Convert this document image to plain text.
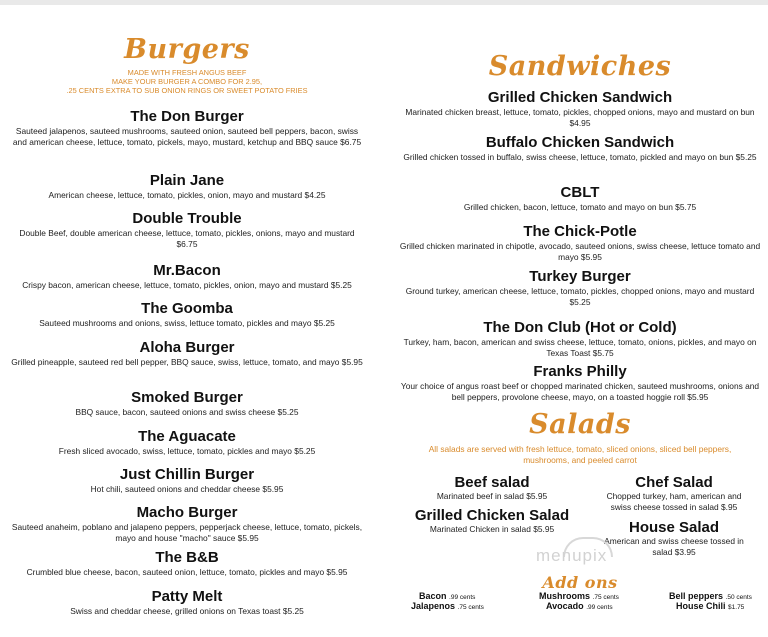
Burgers
MADE WITH FRESH ANGUS BEEF
MAKE YOUR BURGER A COMBO FOR 2.95,
.25 CENTS EXTRA TO SUB ONION RINGS OR SWEET POTATO FRIES
The Don Burger
Sauteed jalapenos, sauteed mushrooms, sauteed onion, sauteed bell peppers, bacon, swiss and american cheese, lettuce, tomato, pickels, mayo, mustard, ketchup and BBQ sauce $6.75
Plain Jane
American cheese, lettuce, tomato, pickles, onion, mayo and mustard $4.25
Double Trouble
Double Beef, double american cheese, lettuce, tomato, pickles, onions, mayo and mustard $6.75
Mr.Bacon
Crispy bacon, american cheese, lettuce, tomato, pickles, onion, mayo and mustard $5.25
The Goomba
Sauteed mushrooms and onions, swiss, lettuce tomato, pickles and mayo $5.25
Aloha Burger
Grilled pineapple, sauteed red bell pepper, BBQ sauce, swiss, lettuce, tomato, and mayo $5.95
Smoked Burger
BBQ sauce, bacon, sauteed onions and swiss cheese $5.25
The Aguacate
Fresh sliced avocado, swiss, lettuce, tomato, pickles and mayo $5.25
Just Chillin Burger
Hot chili, sauteed onions and cheddar cheese $5.95
Macho Burger
Sauteed anaheim, poblano and jalapeno peppers, pepperjack cheese, lettuce, tomato, pickels, mayo and house "macho" sauce $5.95
The B&B
Crumbled blue cheese, bacon, sauteed onion, lettuce, tomato, pickles and mayo $5.95
Patty Melt
Swiss and cheddar cheese, grilled onions on Texas toast $5.25
Sandwiches
Grilled Chicken Sandwich
Marinated chicken breast, lettuce, tomato, pickles, chopped onions, mayo and mustard on bun $4.95
Buffalo Chicken Sandwich
Grilled chicken tossed in buffalo, swiss cheese, lettuce, tomato, pickled and mayo on bun $5.25
CBLT
Grilled chicken, bacon, lettuce, tomato and mayo on bun $5.75
The Chick-Potle
Grilled chicken marinated in chipotle, avocado, sauteed onions, swiss cheese, lettuce tomato and mayo $5.95
Turkey Burger
Ground turkey, american cheese, lettuce, tomato, pickles, chopped onions, mayo and mustard $5.25
The Don Club (Hot or Cold)
Turkey, ham, bacon, american and swiss cheese, lettuce, tomato, onions, pickles, and mayo on Texas Toast $5.75
Franks Philly
Your choice of angus roast beef or chopped marinated chicken, sauteed mushrooms, onions and bell peppers, provolone cheese, mayo, on a toasted hoggie roll $5.95
Salads
All salads are served with fresh lettuce, tomato, sliced onions, sliced bell peppers, mushrooms, and peeled carrot
Beef salad
Marinated beef in salad $5.95
Chef Salad
Chopped turkey, ham, american and swiss cheese tossed in salad $.95
Grilled Chicken Salad
Marinated Chicken in salad $5.95	House Salad
American and swiss cheese tossed in salad $3.95
Add ons
Bacon .99 cents
Jalapenos .75 cents
Mushrooms .75 cents
Avocado .99 cents
Bell peppers .50 cents
House Chili $1.75
menupix
